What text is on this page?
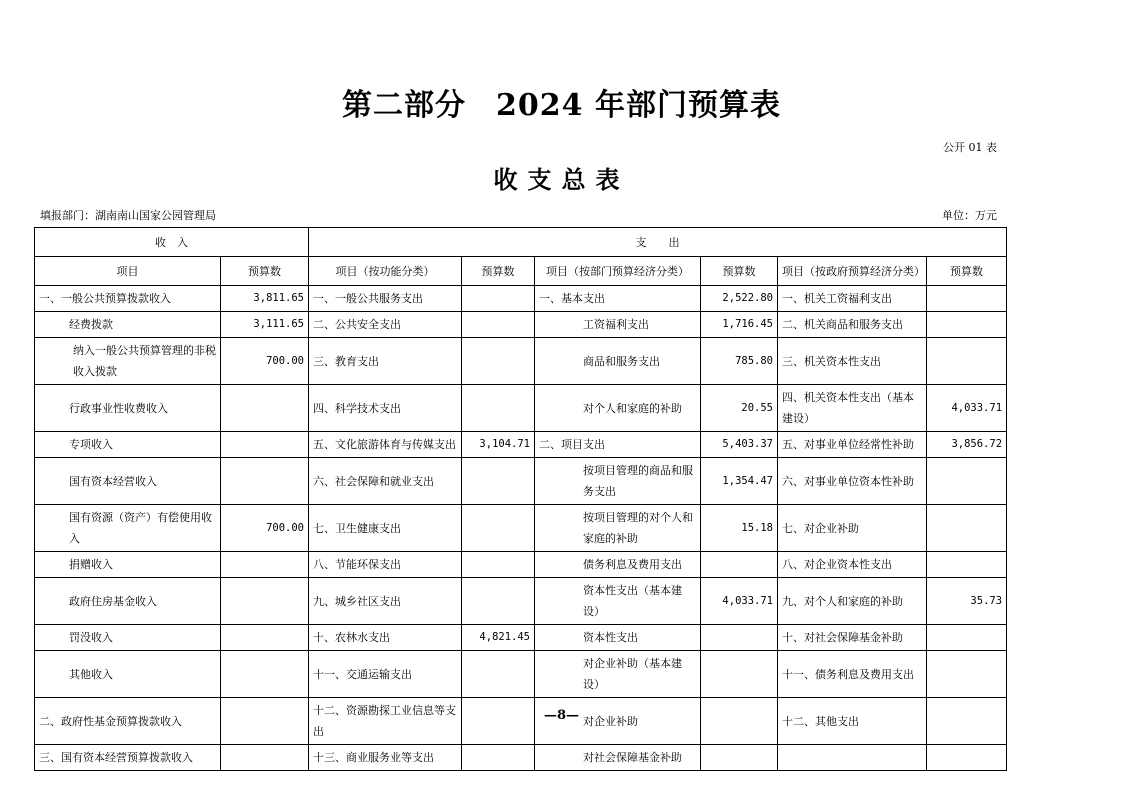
第二部分 2024 年部门预算表
公开 01 表
收支总表
填报部门：湖南南山国家公园管理局	单位：万元
收　入		支　　出					
项目	预算数	项目（按功能分类）	预算数	项目（按部门预算经济分类）	预算数	项目（按政府预算经济分类）	预算数
一、一般公共预算拨款收入	3,811.65	一、一般公共服务支出		一、基本支出	2,522.80	一、机关工资福利支出	
经费拨款	3,111.65	二、公共安全支出		工资福利支出	1,716.45	二、机关商品和服务支出	
纳入一般公共预算管理的非税收入拨款	700.00	三、教育支出		商品和服务支出	785.80	三、机关资本性支出	
行政事业性收费收入		四、科学技术支出		对个人和家庭的补助	20.55	四、机关资本性支出（基本建设）	4,033.71
专项收入		五、文化旅游体育与传媒支出	3,104.71	二、项目支出	5,403.37	五、对事业单位经常性补助	3,856.72
国有资本经营收入		六、社会保障和就业支出		按项目管理的商品和服务支出	1,354.47	六、对事业单位资本性补助	
国有资源（资产）有偿使用收入	700.00	七、卫生健康支出		按项目管理的对个人和家庭的补助	15.18	七、对企业补助	
捐赠收入		八、节能环保支出		债务利息及费用支出		八、对企业资本性支出	
政府住房基金收入		九、城乡社区支出		资本性支出（基本建设）	4,033.71	九、对个人和家庭的补助	35.73
罚没收入		十、农林水支出	4,821.45	资本性支出		十、对社会保障基金补助	
其他收入		十一、交通运输支出		对企业补助（基本建设）		十一、债务利息及费用支出	
二、政府性基金预算拨款收入		十二、资源勘探工业信息等支出		对企业补助		十二、其他支出	
三、国有资本经营预算拨款收入		十三、商业服务业等支出		对社会保障基金补助			
—8—
